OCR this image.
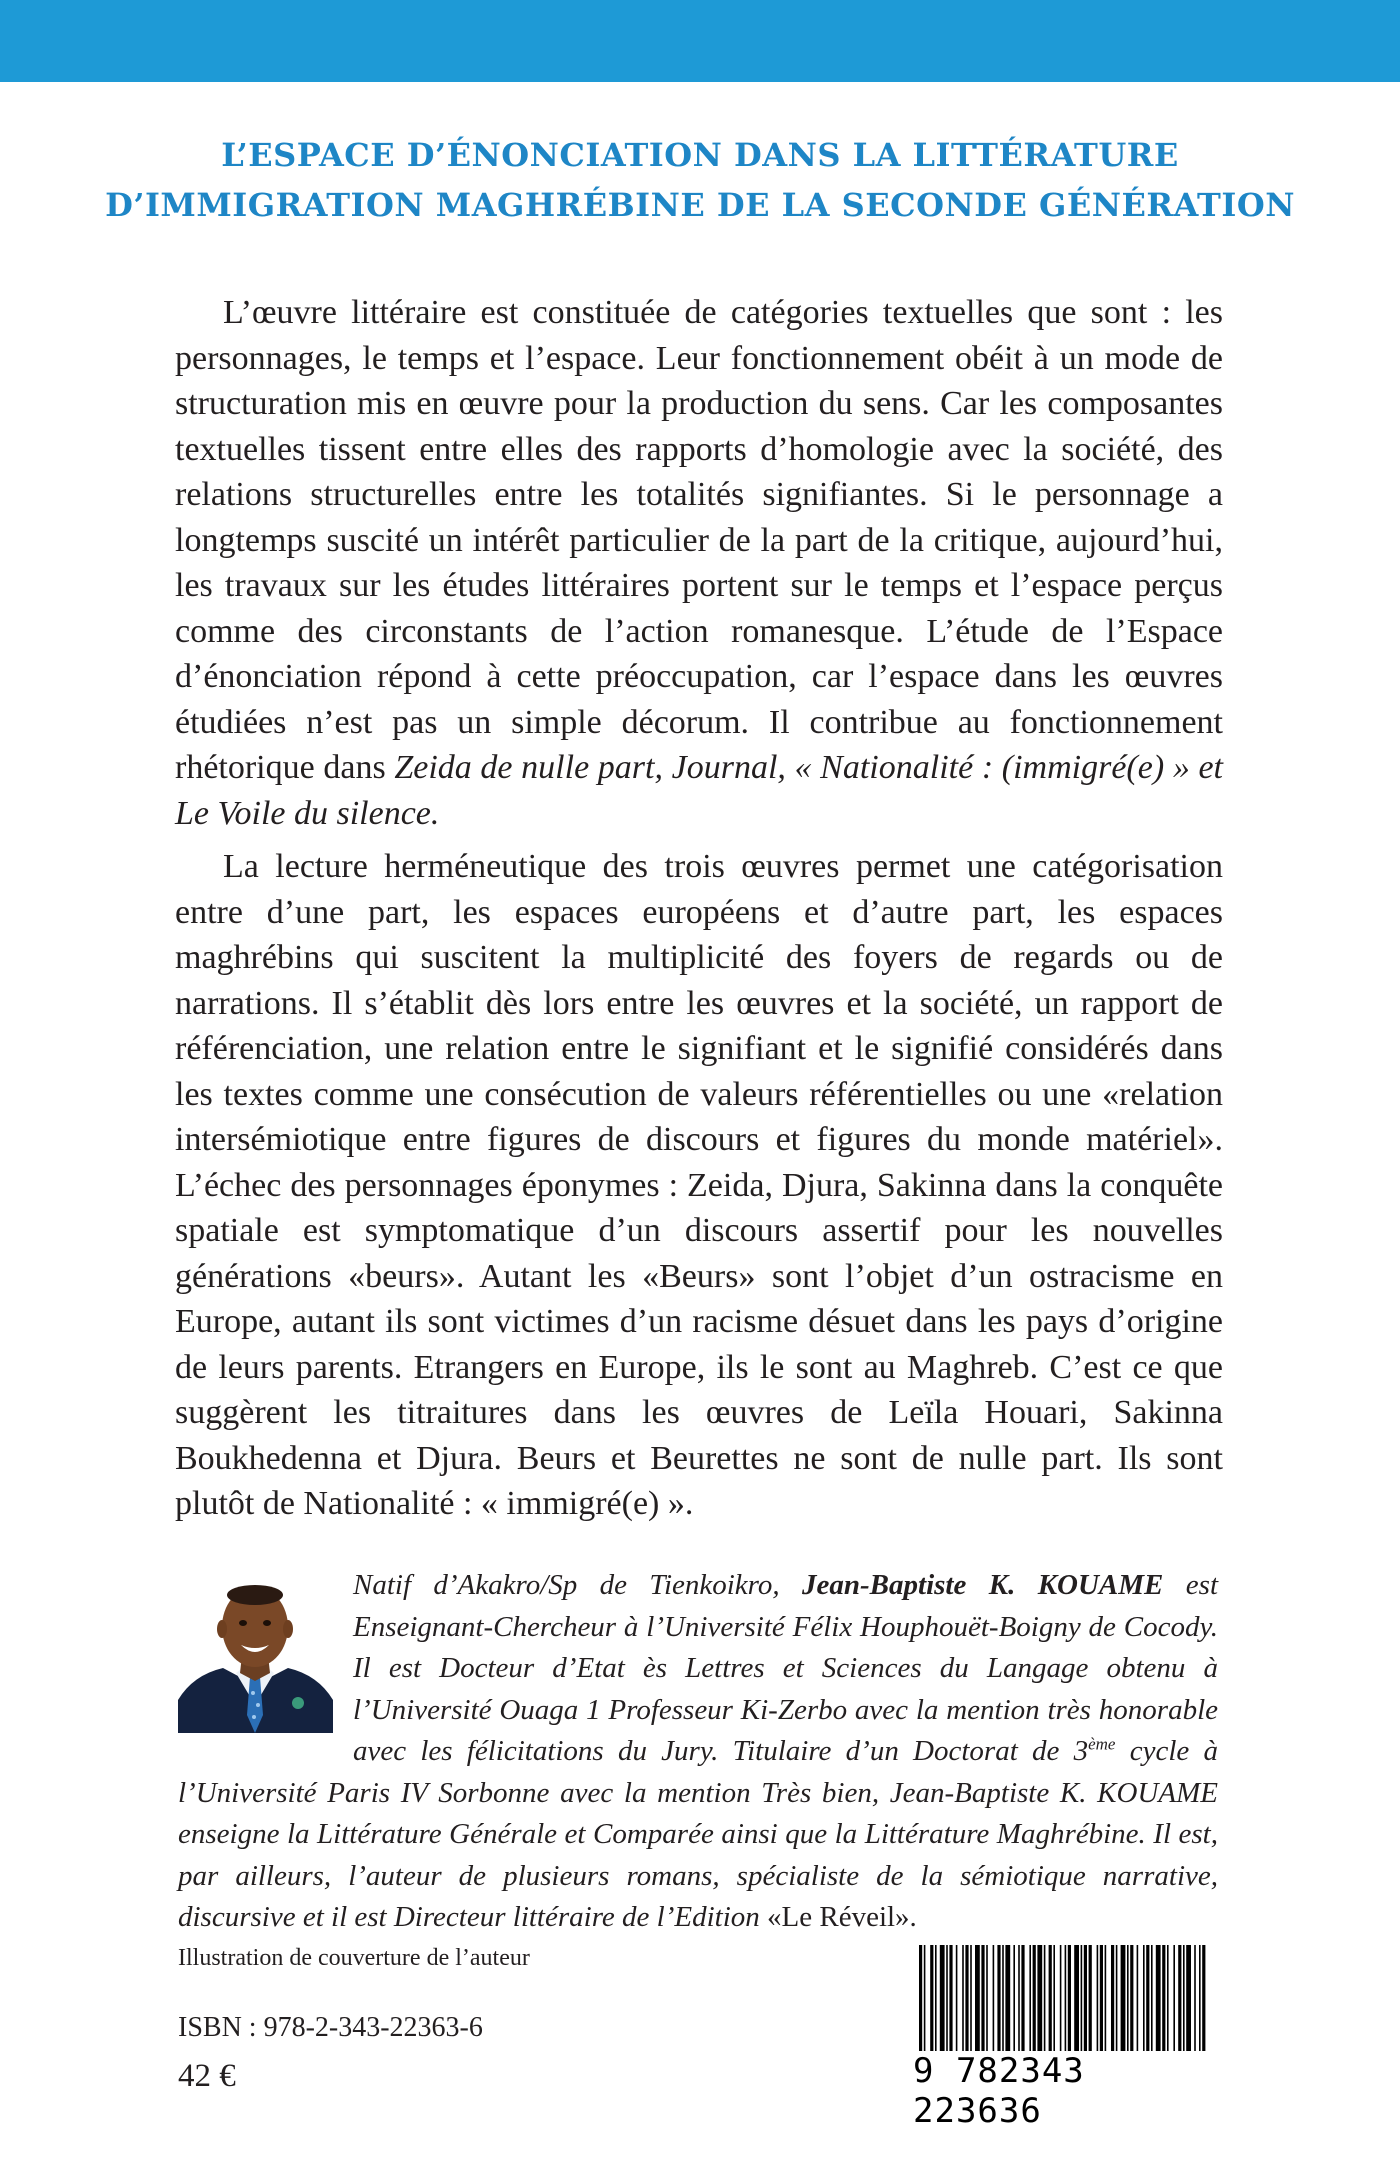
L’ESPACE D’ÉNONCIATION DANS LA LITTÉRATURE
D’IMMIGRATION MAGHRÉBINE DE LA SECONDE GÉNÉRATION

L’œuvre littéraire est constituée de catégories textuelles que sont : les personnages, le temps et l’espace. Leur fonctionnement obéit à un mode de structuration mis en œuvre pour la production du sens. Car les composantes textuelles tissent entre elles des rapports d’homologie avec la société, des relations structurelles entre les totalités signifiantes. Si le personnage a longtemps suscité un intérêt particulier de la part de la critique, aujourd’hui, les travaux sur les études littéraires portent sur le temps et l’espace perçus comme des circonstants de l’action romanesque. L’étude de l’Espace d’énonciation répond à cette préoccupation, car l’espace dans les œuvres étudiées n’est pas un simple décorum. Il contribue au fonctionnement rhétorique dans Zeida de nulle part, Journal, « Nationalité : (immigré(e) » et Le Voile du silence.

La lecture herméneutique des trois œuvres permet une catégorisation entre d’une part, les espaces européens et d’autre part, les espaces maghrébins qui suscitent la multiplicité des foyers de regards ou de narrations. Il s’établit dès lors entre les œuvres et la société, un rapport de référenciation, une relation entre le signifiant et le signifié considérés dans les textes comme une consécution de valeurs référentielles ou une «relation intersémiotique entre figures de discours et figures du monde matériel». L’échec des personnages éponymes : Zeida, Djura, Sakinna dans la conquête spatiale est symptomatique d’un discours assertif pour les nouvelles générations «beurs». Autant les «Beurs» sont l’objet d’un ostracisme en Europe, autant ils sont victimes d’un racisme désuet dans les pays d’origine de leurs parents. Etrangers en Europe, ils le sont au Maghreb. C’est ce que suggèrent les titraitures dans les œuvres de Leïla Houari, Sakinna Boukhedenna et Djura. Beurs et Beurettes ne sont de nulle part. Ils sont plutôt de Nationalité : « immigré(e) ».

Natif d’Akakro/Sp de Tienkoikro, Jean-Baptiste K. KOUAME est Enseignant-Chercheur à l’Université Félix Houphouët-Boigny de Cocody. Il est Docteur d’Etat ès Lettres et Sciences du Langage obtenu à l’Université Ouaga 1 Professeur Ki-Zerbo avec la mention très honorable avec les félicitations du Jury. Titulaire d’un Doctorat de 3ème cycle à l’Université Paris IV Sorbonne avec la mention Très bien, Jean-Baptiste K. KOUAME enseigne la Littérature Générale et Comparée ainsi que la Littérature Maghrébine. Il est, par ailleurs, l’auteur de plusieurs romans, spécialiste de la sémiotique narrative, discursive et il est Directeur littéraire de l’Edition «Le Réveil».
Illustration de couverture de l’auteur
ISBN : 978-2-343-22363-6
42 €	9 782343 223636
